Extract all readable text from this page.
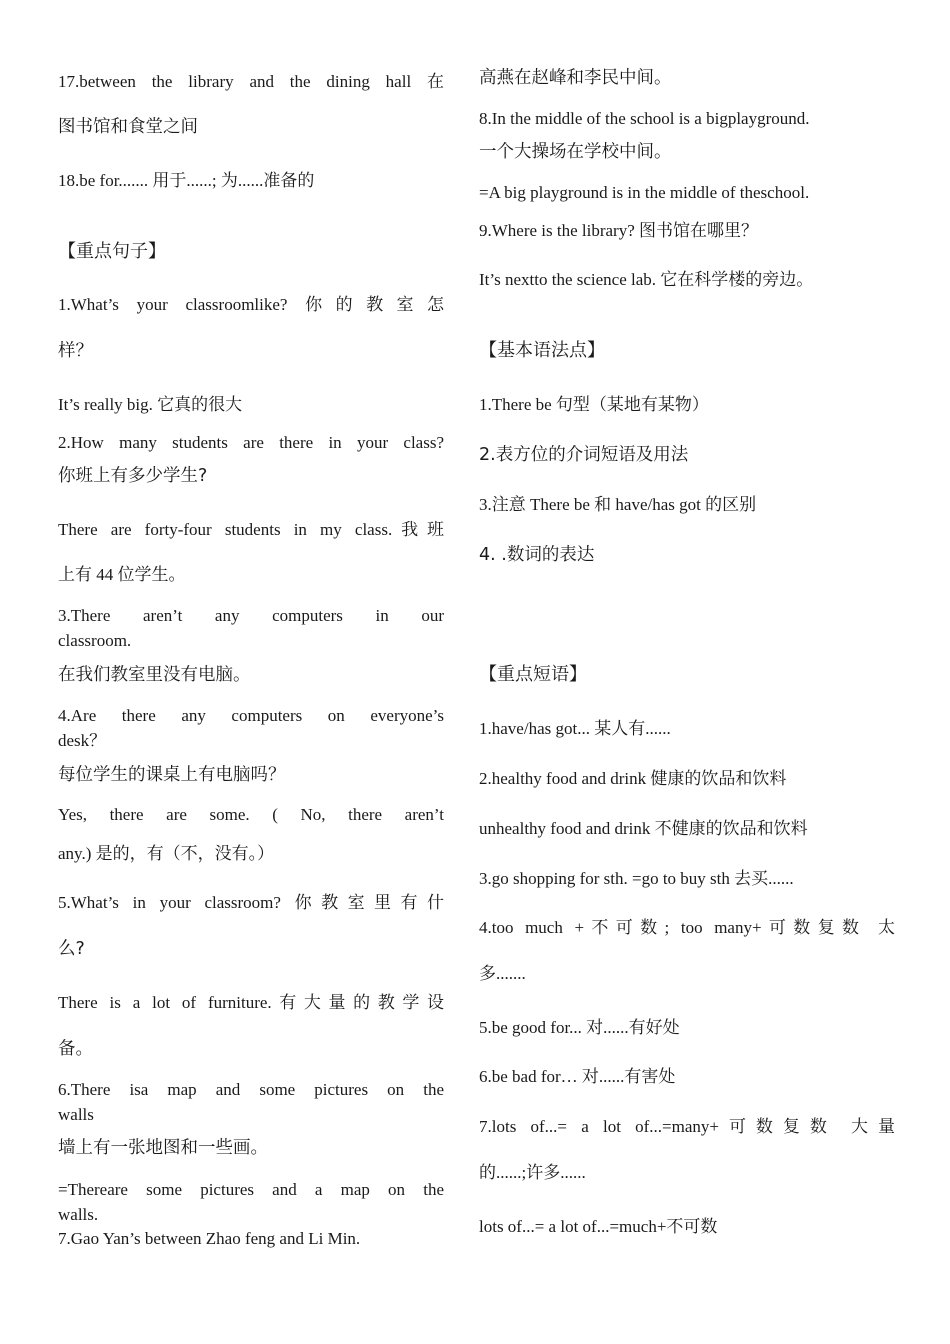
17.between the library and the dining hall 在
图书馆和食堂之间
18.be for....... 用于......; 为......准备的
【重点句子】
1.What’s your classroomlike? 你的教室怎
样？
It’s really big. 它真的很大
2.How many students are there in your class?
你班上有多少学生?
There are forty-four students in my class.我班
上有 44 位学生。
3.There aren’t any computers in our
classroom.
在我们教室里没有电脑。
4.Are there any computers on everyone’s
desk？
每位学生的课桌上有电脑吗？
Yes, there are some. ( No, there aren’t
any.) 是的，有（不，没有。）
5.What’s in your classroom? 你教室里有什
么?
There is a lot of furniture.有大量的教学设
备。
6.There isa map and some pictures on the
walls
墙上有一张地图和一些画。
=Thereare some pictures and a map on the
walls.
7.Gao Yan’s between Zhao feng and Li Min.
高燕在赵峰和李民中间。
8.In the middle of the school is a bigplayground.
一个大操场在学校中间。
=A big playground is in the middle of theschool.
9.Where is the library? 图书馆在哪里？
It’s nextto the science lab. 它在科学楼的旁边。
【基本语法点】
1.There be 句型（某地有某物）
2.表方位的介词短语及用法
3.注意 There be 和 have/has got 的区别
4. .数词的表达
【重点短语】
1.have/has got... 某人有......
2.healthy food and drink 健康的饮品和饮料
unhealthy food and drink 不健康的饮品和饮料
3.go shopping for sth. =go to buy sth 去买......
4.too much +不可数; too many+可数复数 太
多.......
5.be good for... 对......有好处
6.be bad for… 对......有害处
7.lots of...= a lot of...=many+可数复数 大量
的......;许多......
lots of...= a lot of...=much+不可数
